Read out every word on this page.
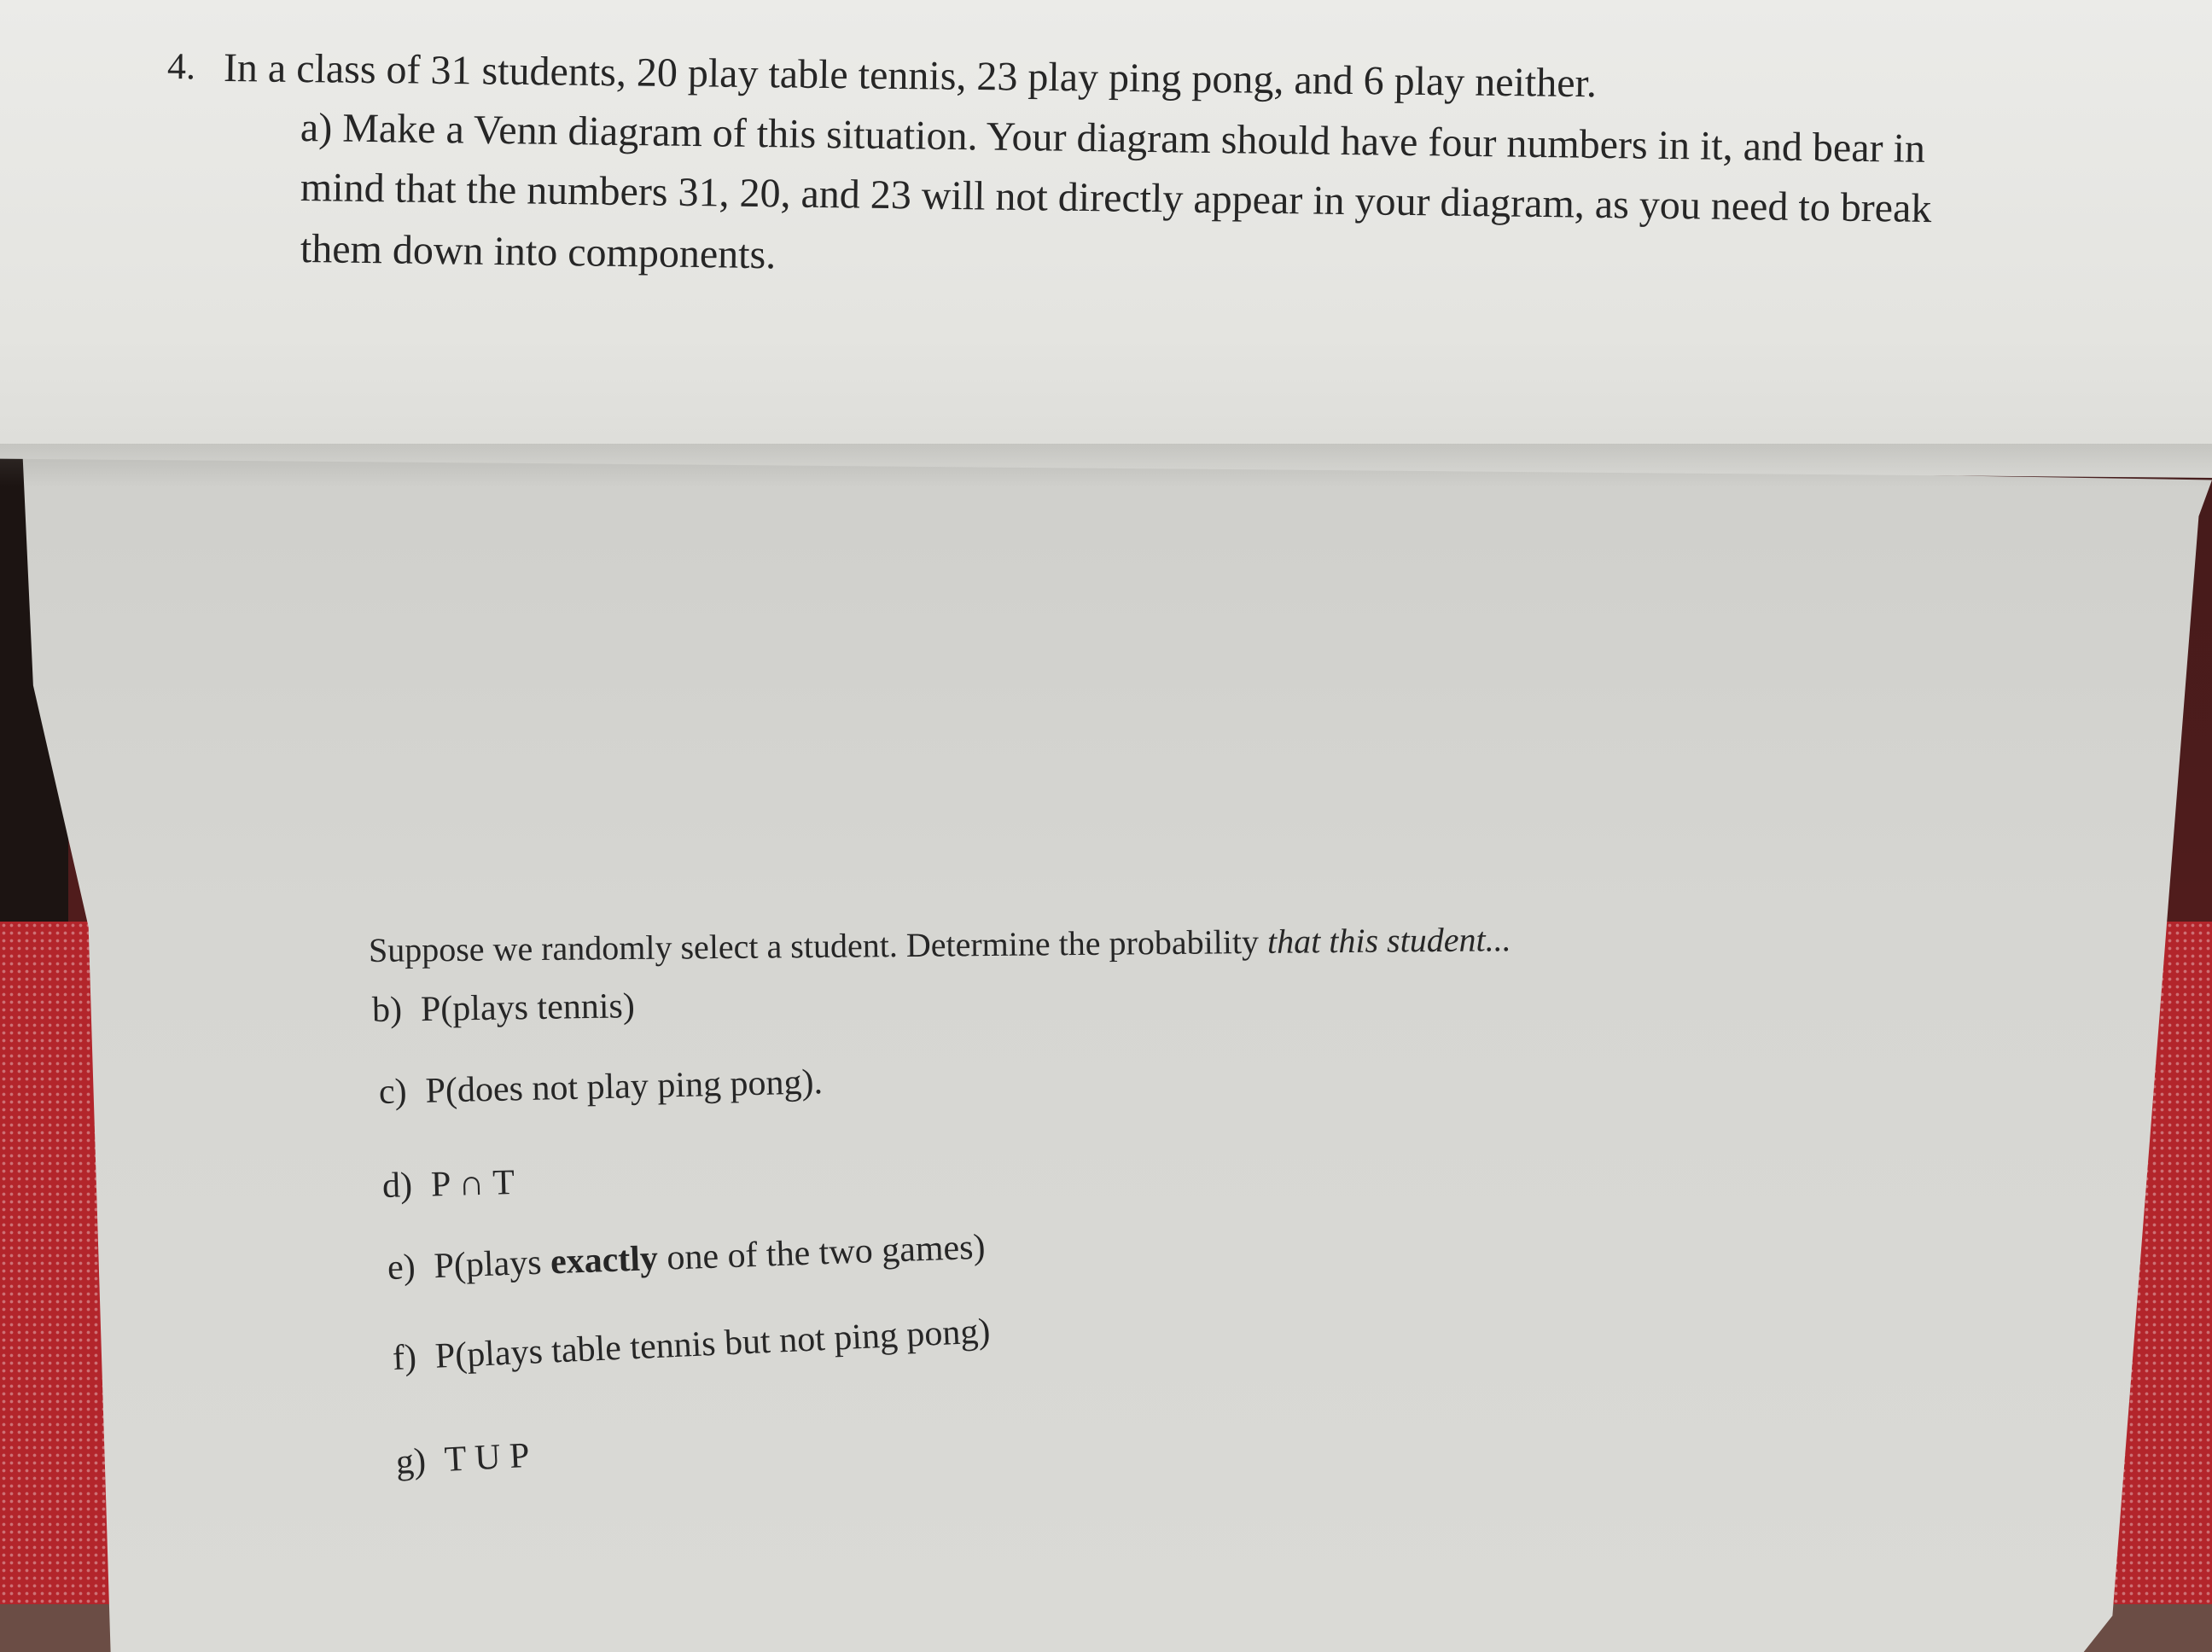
4. In a class of 31 students, 20 play table tennis, 23 play ping pong, and 6 play neither.
a) Make a Venn diagram of this situation. Your diagram should have four numbers in it, and bear in
mind that the numbers 31, 20, and 23 will not directly appear in your diagram, as you need to break
them down into components.
Suppose we randomly select a student. Determine the probability that this student...
b) P(plays tennis)
c) P(does not play ping pong).
d) P ∩ T
e) P(plays exactly one of the two games)
f) P(plays table tennis but not ping pong)
g) T U P
